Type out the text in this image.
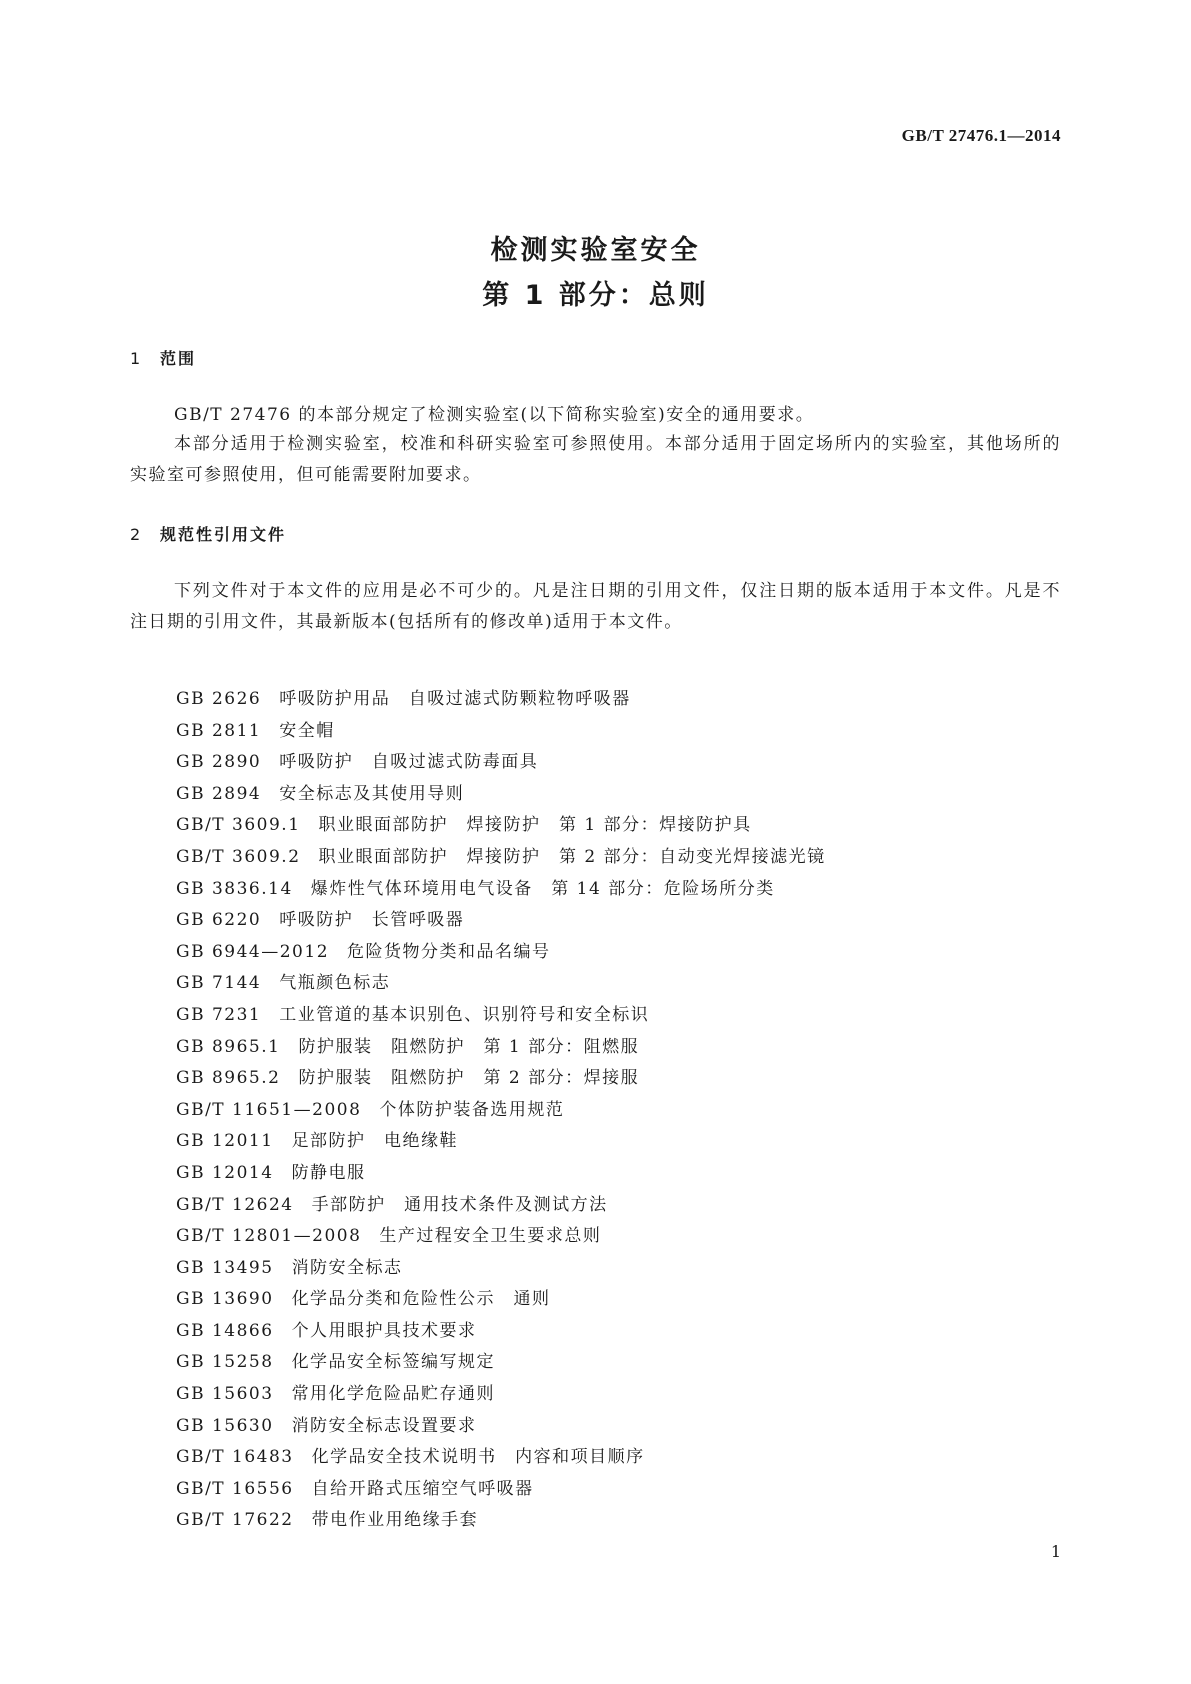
GB/T 27476.1—2014
检测实验室安全
第 1 部分：总则
1 范围

GB/T 27476 的本部分规定了检测实验室(以下简称实验室)安全的通用要求。

本部分适用于检测实验室，校准和科研实验室可参照使用。本部分适用于固定场所内的实验室，其他场所的实验室可参照使用，但可能需要附加要求。

2 规范性引用文件

下列文件对于本文件的应用是必不可少的。凡是注日期的引用文件，仅注日期的版本适用于本文件。凡是不注日期的引用文件，其最新版本(包括所有的修改单)适用于本文件。

GB 2626 呼吸防护用品　自吸过滤式防颗粒物呼吸器
GB 2811 安全帽
GB 2890 呼吸防护　自吸过滤式防毒面具
GB 2894 安全标志及其使用导则
GB/T 3609.1 职业眼面部防护　焊接防护　第 1 部分：焊接防护具
GB/T 3609.2 职业眼面部防护　焊接防护　第 2 部分：自动变光焊接滤光镜
GB 3836.14 爆炸性气体环境用电气设备　第 14 部分：危险场所分类
GB 6220 呼吸防护　长管呼吸器
GB 6944—2012 危险货物分类和品名编号
GB 7144 气瓶颜色标志
GB 7231 工业管道的基本识别色、识别符号和安全标识
GB 8965.1 防护服装　阻燃防护　第 1 部分：阻燃服
GB 8965.2 防护服装　阻燃防护　第 2 部分：焊接服
GB/T 11651—2008 个体防护装备选用规范
GB 12011 足部防护　电绝缘鞋
GB 12014 防静电服
GB/T 12624 手部防护　通用技术条件及测试方法
GB/T 12801—2008 生产过程安全卫生要求总则
GB 13495 消防安全标志
GB 13690 化学品分类和危险性公示　通则
GB 14866 个人用眼护具技术要求
GB 15258 化学品安全标签编写规定
GB 15603 常用化学危险品贮存通则
GB 15630 消防安全标志设置要求
GB/T 16483 化学品安全技术说明书　内容和项目顺序
GB/T 16556 自给开路式压缩空气呼吸器
GB/T 17622 带电作业用绝缘手套
1
